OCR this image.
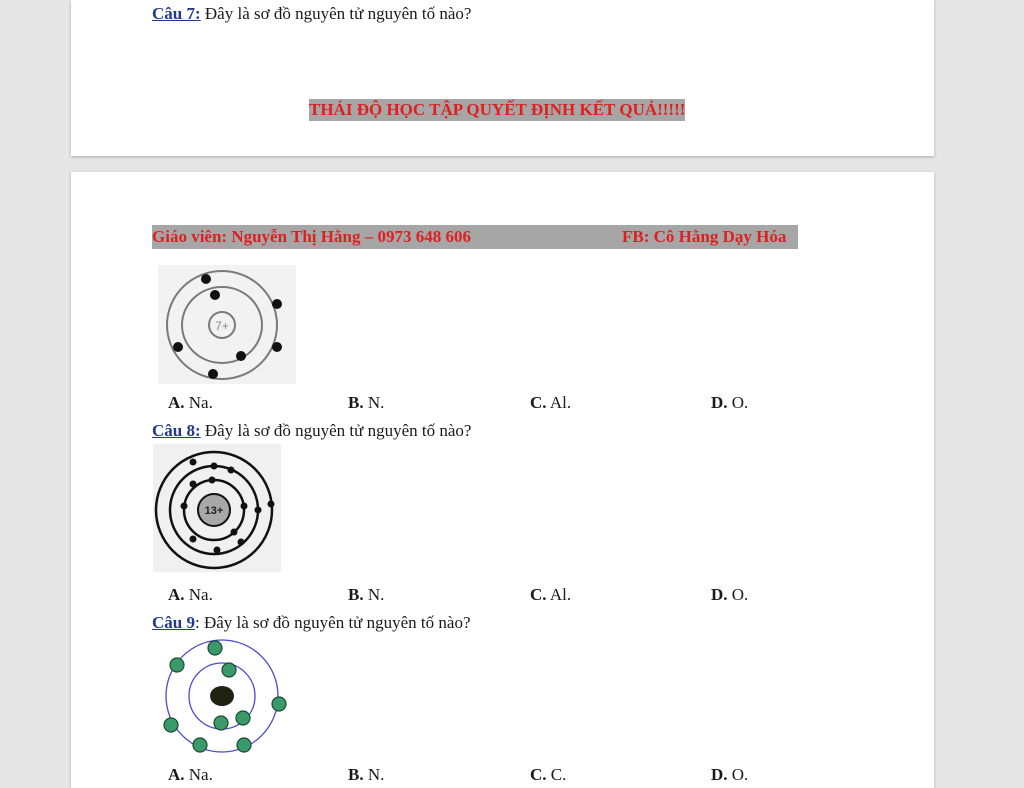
Câu 7: Đây là sơ đồ nguyên tử nguyên tố nào?
THÁI ĐỘ HỌC TẬP QUYẾT ĐỊNH KẾT QUẢ!!!!!
Giáo viên: Nguyễn Thị Hằng – 0973 648 606	FB: Cô Hằng Dạy Hóa
7+
A. Na.	B. N.	C. Al.	D. O.
Câu 8: Đây là sơ đồ nguyên tử nguyên tố nào?
13+
A. Na.	B. N.	C. Al.	D. O.
Câu 9: Đây là sơ đồ nguyên tử nguyên tố nào?
A. Na.	B. N.	C. C.	D. O.
